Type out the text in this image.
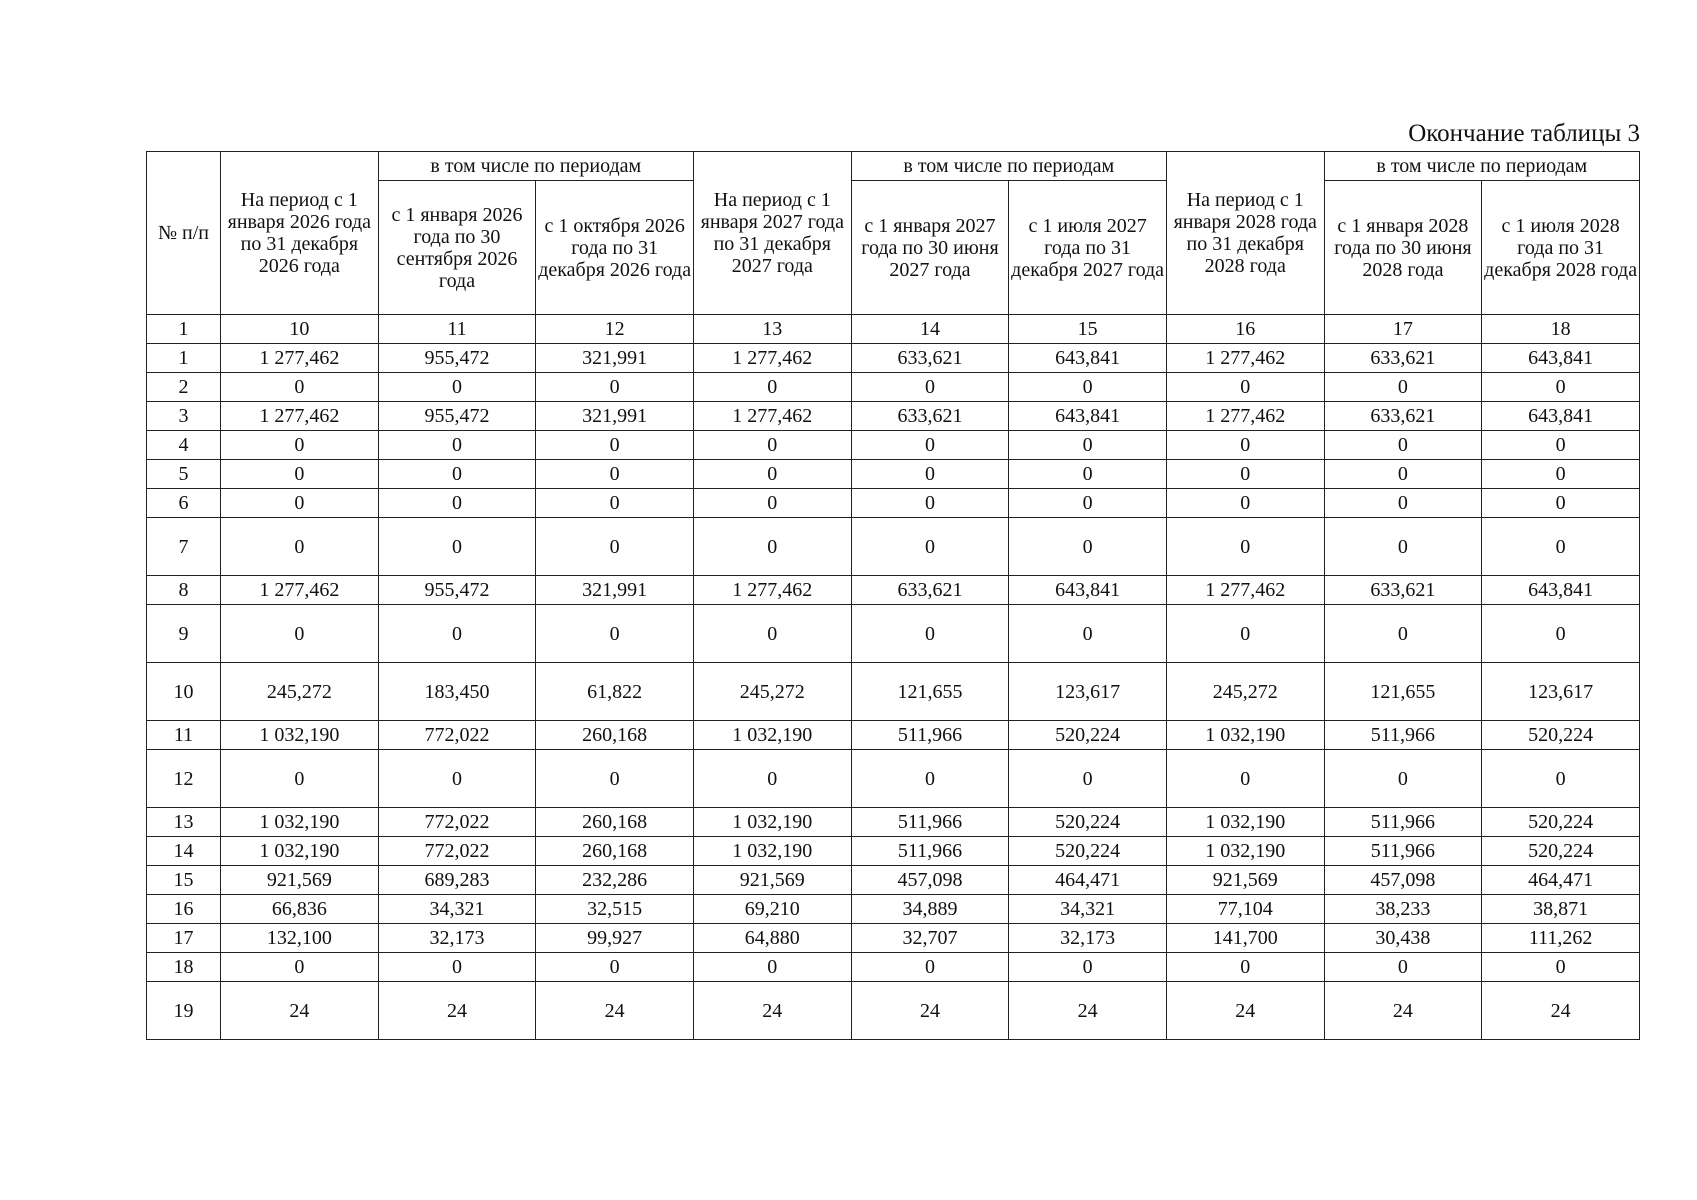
Окончание таблицы 3
№ п/п	На период с 1 января 2026 года по 31 декабря 2026 года	в том числе по периодам		На период с 1 января 2027 года по 31 декабря 2027 года	в том числе по периодам		На период с 1 января 2028 года по 31 декабря 2028 года	в том числе по периодам	
		с 1 января 2026 года по 30 сентября 2026 года	с 1 октября 2026 года по 31 декабря 2026 года		с 1 января 2027 года по 30 июня 2027 года	с 1 июля 2027 года по 31 декабря 2027 года		с 1 января 2028 года по 30 июня 2028 года	с 1 июля 2028 года по 31 декабря 2028 года
1	10	11	12	13	14	15	16	17	18
1	1 277,462	955,472	321,991	1 277,462	633,621	643,841	1 277,462	633,621	643,841
2	0	0	0	0	0	0	0	0	0
3	1 277,462	955,472	321,991	1 277,462	633,621	643,841	1 277,462	633,621	643,841
4	0	0	0	0	0	0	0	0	0
5	0	0	0	0	0	0	0	0	0
6	0	0	0	0	0	0	0	0	0
7	0	0	0	0	0	0	0	0	0
8	1 277,462	955,472	321,991	1 277,462	633,621	643,841	1 277,462	633,621	643,841
9	0	0	0	0	0	0	0	0	0
10	245,272	183,450	61,822	245,272	121,655	123,617	245,272	121,655	123,617
11	1 032,190	772,022	260,168	1 032,190	511,966	520,224	1 032,190	511,966	520,224
12	0	0	0	0	0	0	0	0	0
13	1 032,190	772,022	260,168	1 032,190	511,966	520,224	1 032,190	511,966	520,224
14	1 032,190	772,022	260,168	1 032,190	511,966	520,224	1 032,190	511,966	520,224
15	921,569	689,283	232,286	921,569	457,098	464,471	921,569	457,098	464,471
16	66,836	34,321	32,515	69,210	34,889	34,321	77,104	38,233	38,871
17	132,100	32,173	99,927	64,880	32,707	32,173	141,700	30,438	111,262
18	0	0	0	0	0	0	0	0	0
19	24	24	24	24	24	24	24	24	24
